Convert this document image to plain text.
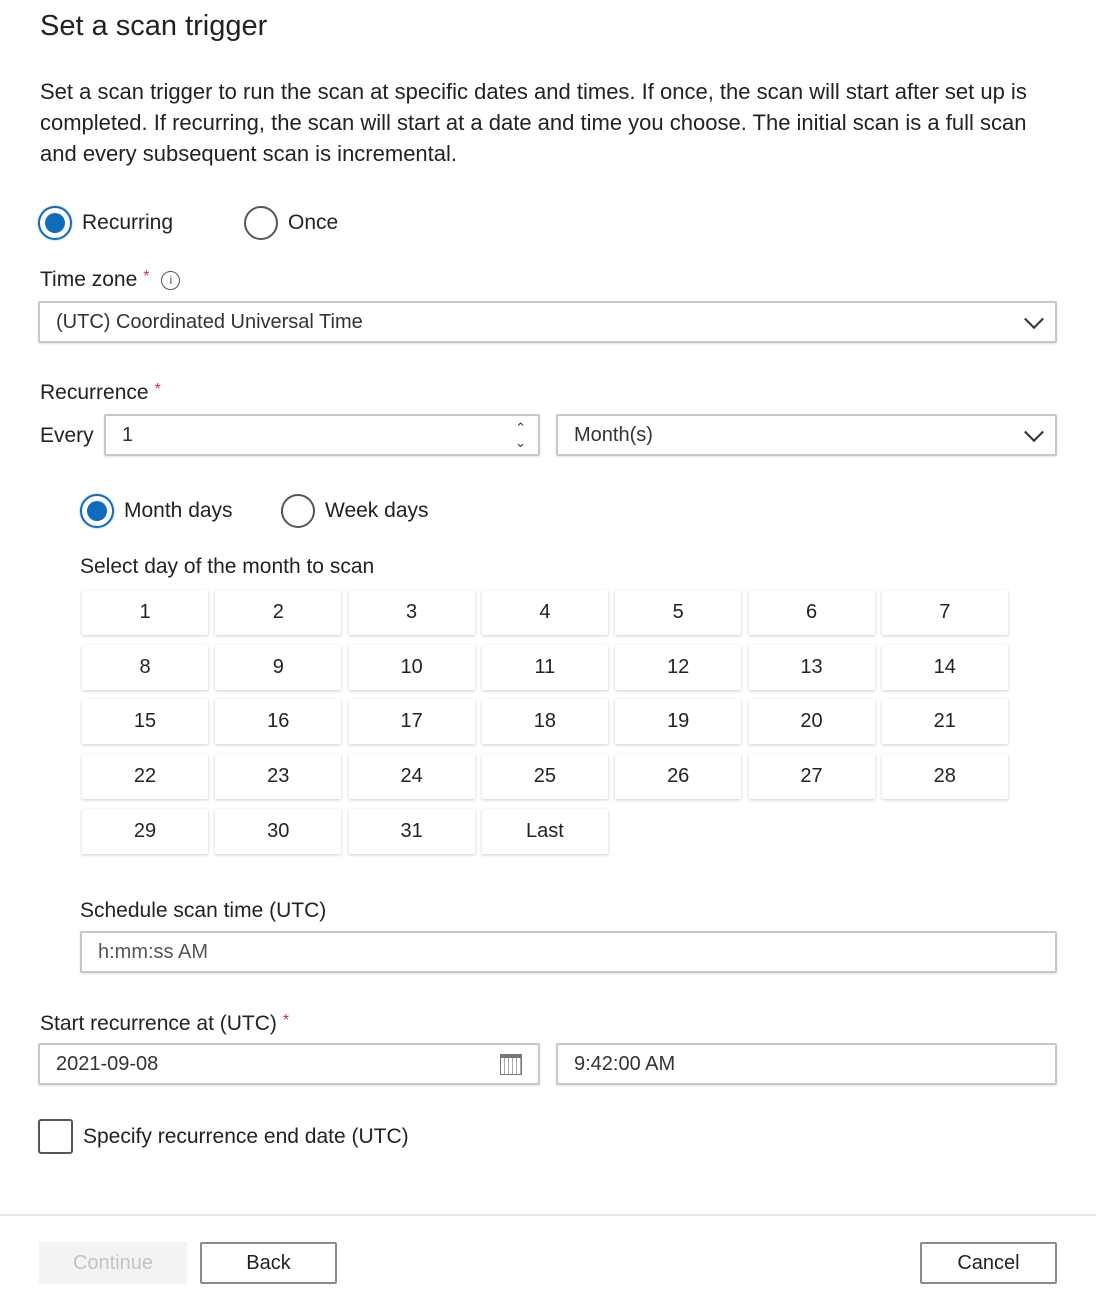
Set a scan trigger
Set a scan trigger to run the scan at specific dates and times. If once, the scan will start after set up is completed. If recurring, the scan will start at a date and time you choose. The initial scan is a full scan and every subsequent scan is incremental.
Recurring	Once
Time zone * i
(UTC) Coordinated Universal Time
Recurrence *
Every 1	⌃
⌄ Month(s)
Month days	Week days
Select day of the month to scan
1	2	3	4	5	6	7
8	9	10	11	12	13	14
15	16	17	18	19	20	21
22	23	24	25	26	27	28
29	30	31	Last
Schedule scan time (UTC)
h:mm:ss AM
Start recurrence at (UTC) *
2021-09-08	9:42:00 AM
Specify recurrence end date (UTC)
Continue	Back	Cancel
